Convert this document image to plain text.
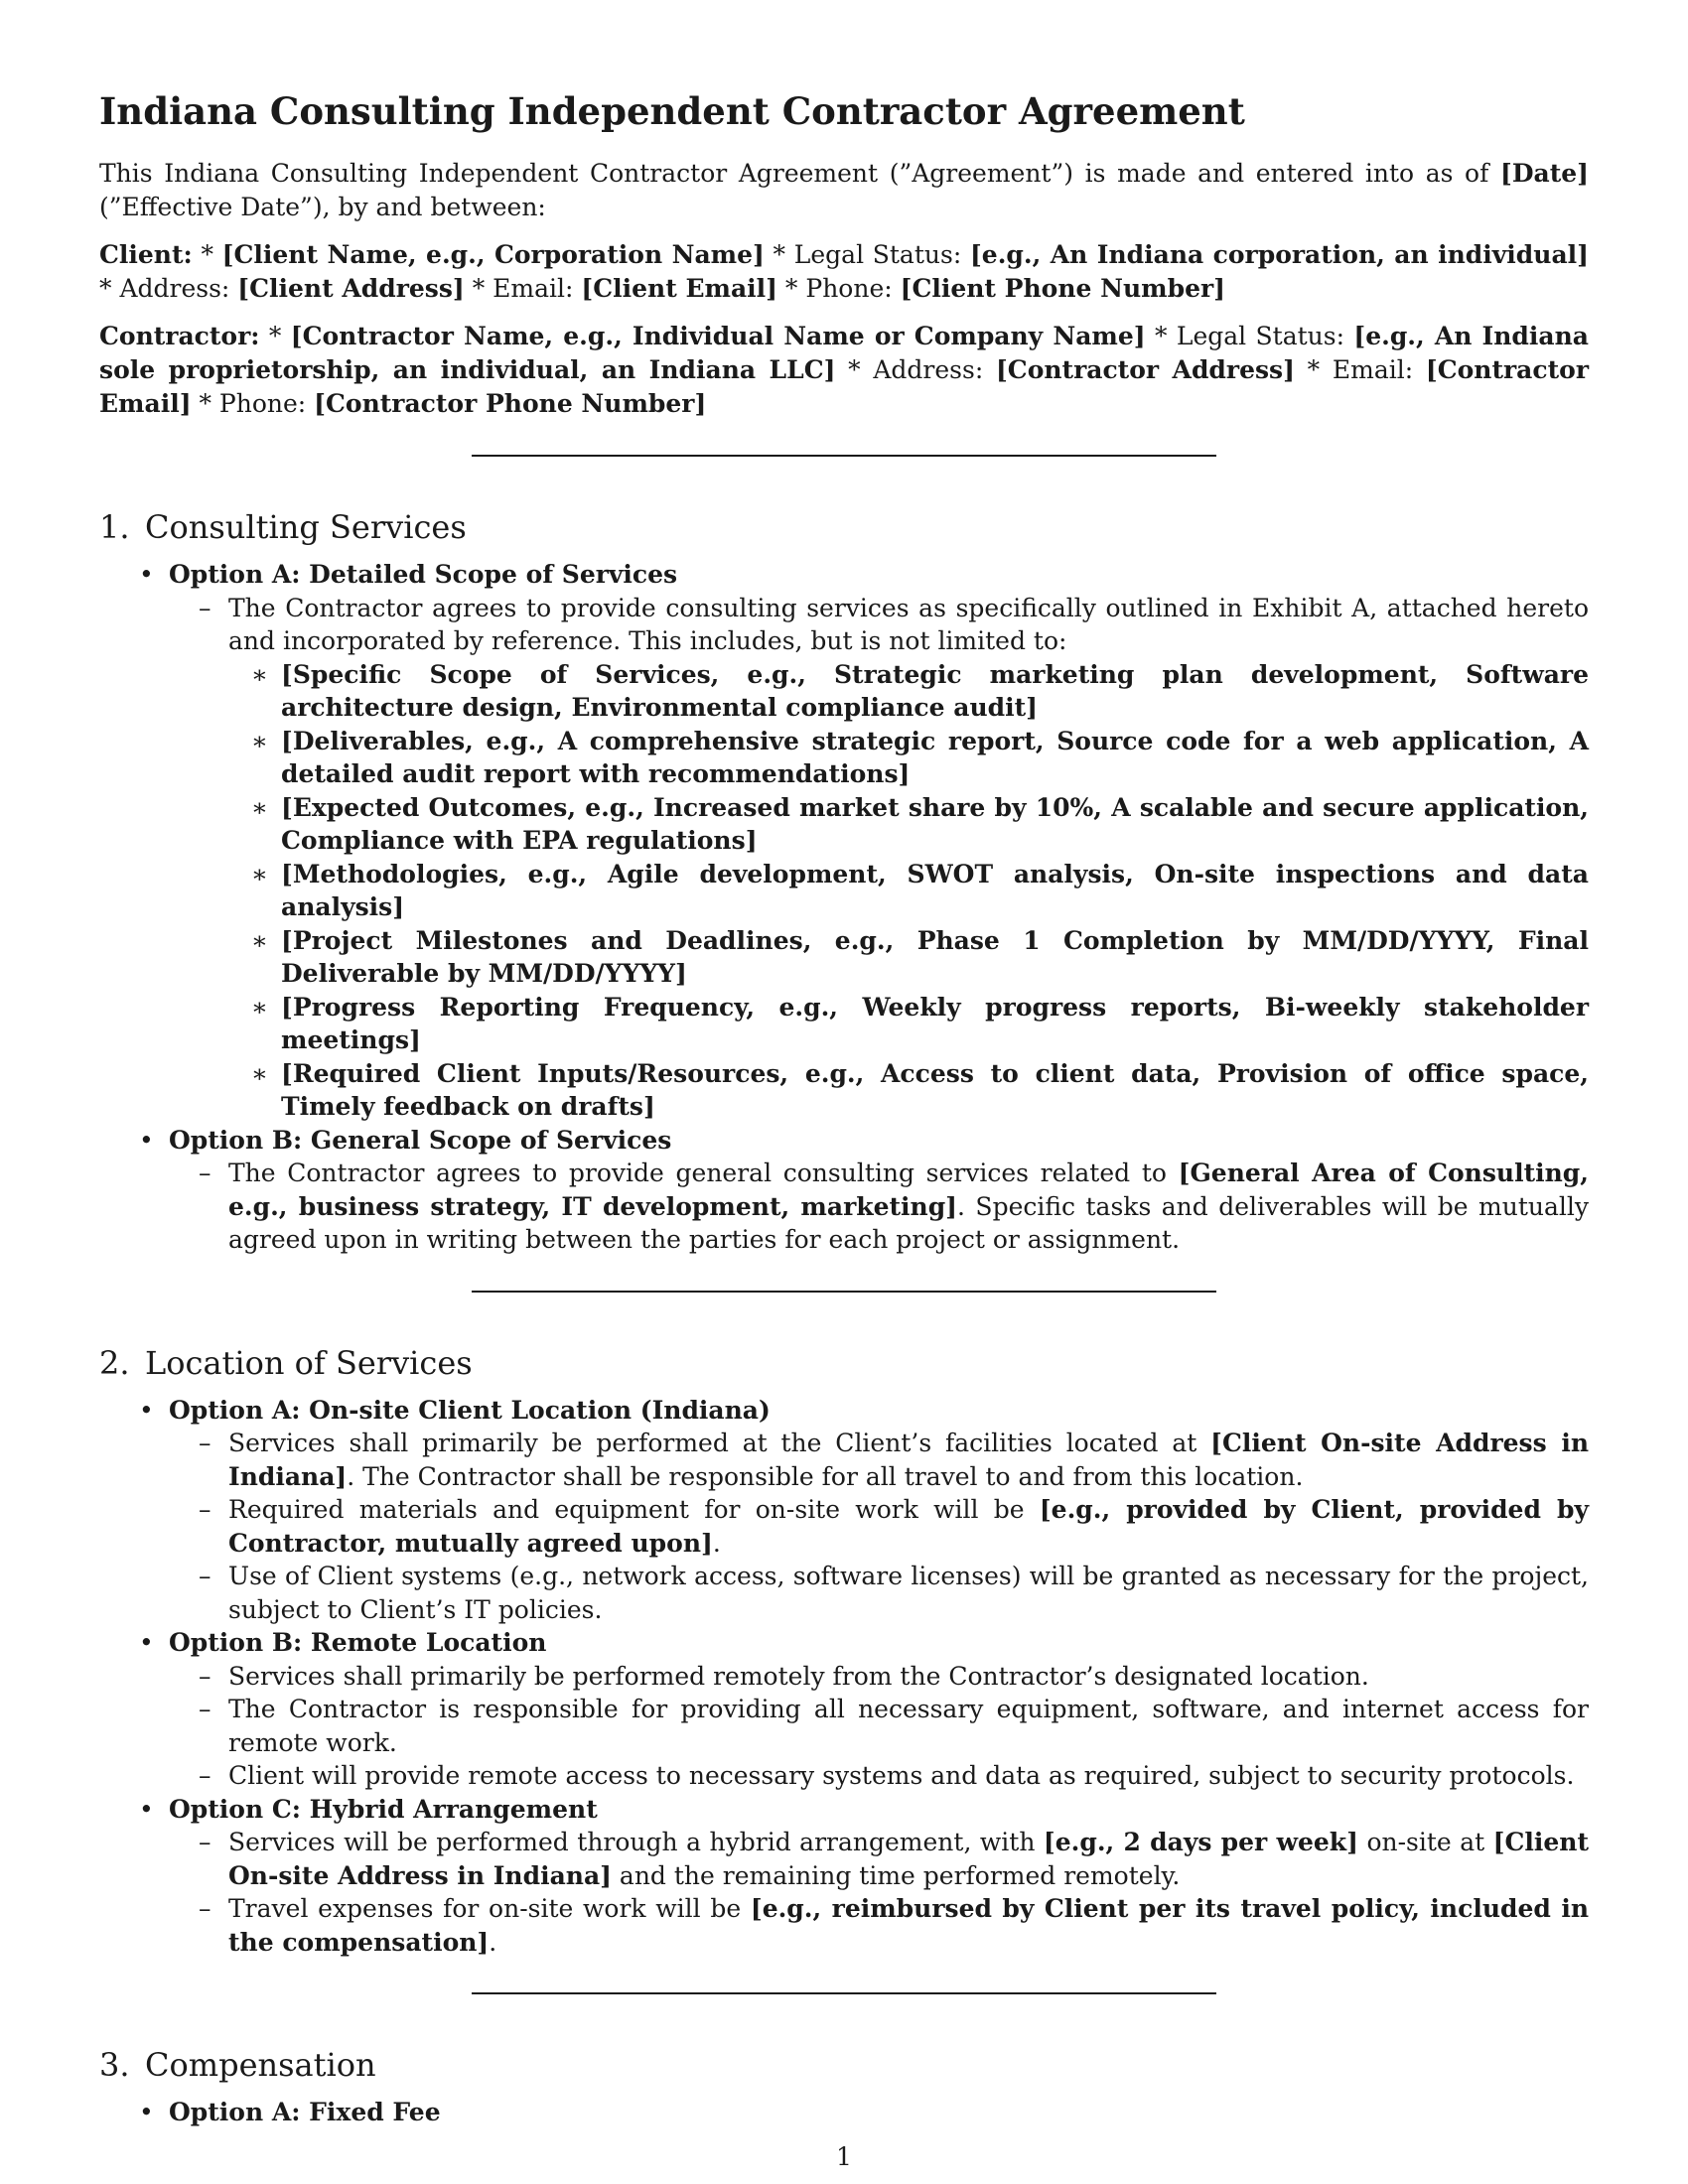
Indiana Consulting Independent Contractor Agreement

This Indiana Consulting Independent Contractor Agreement (”Agreement”) is made and entered into as of [Date] (”Effective Date”), by and between:

Client: * [Client Name, e.g., Corporation Name] * Legal Status: [e.g., An Indiana corporation, an individual] * Address: [Client Address] * Email: [Client Email] * Phone: [Client Phone Number]

Contractor: * [Contractor Name, e.g., Individual Name or Company Name] * Legal Status: [e.g., An Indiana sole proprietorship, an individual, an Indiana LLC] * Address: [Contractor Address] * Email: [Contractor Email] * Phone: [Contractor Phone Number]

1. Consulting Services
• Option A: Detailed Scope of Services
– The Contractor agrees to provide consulting services as specifically outlined in Exhibit A, attached hereto and incorporated by reference. This includes, but is not limited to:
∗ [Specific Scope of Services, e.g., Strategic marketing plan development, Software architecture design, Environmental compliance audit]
∗ [Deliverables, e.g., A comprehensive strategic report, Source code for a web application, A detailed audit report with recommendations]
∗ [Expected Outcomes, e.g., Increased market share by 10%, A scalable and secure application, Compliance with EPA regulations]
∗ [Methodologies, e.g., Agile development, SWOT analysis, On-site inspections and data analysis]
∗ [Project Milestones and Deadlines, e.g., Phase 1 Completion by MM/DD/YYYY, Final Deliverable by MM/DD/YYYY]
∗ [Progress Reporting Frequency, e.g., Weekly progress reports, Bi-weekly stakeholder meetings]
∗ [Required Client Inputs/Resources, e.g., Access to client data, Provision of office space, Timely feedback on drafts]
• Option B: General Scope of Services
– The Contractor agrees to provide general consulting services related to [General Area of Consulting, e.g., business strategy, IT development, marketing]. Specific tasks and deliverables will be mutually agreed upon in writing between the parties for each project or assignment.
2. Location of Services
• Option A: On-site Client Location (Indiana)
– Services shall primarily be performed at the Client’s facilities located at [Client On-site Address in Indiana]. The Contractor shall be responsible for all travel to and from this location.
– Required materials and equipment for on-site work will be [e.g., provided by Client, provided by Contractor, mutually agreed upon].
– Use of Client systems (e.g., network access, software licenses) will be granted as necessary for the project, subject to Client’s IT policies.
• Option B: Remote Location
– Services shall primarily be performed remotely from the Contractor’s designated location.
– The Contractor is responsible for providing all necessary equipment, software, and internet access for remote work.
– Client will provide remote access to necessary systems and data as required, subject to security protocols.
• Option C: Hybrid Arrangement
– Services will be performed through a hybrid arrangement, with [e.g., 2 days per week] on-site at [Client On-site Address in Indiana] and the remaining time performed remotely.
– Travel expenses for on-site work will be [e.g., reimbursed by Client per its travel policy, included in the compensation].
3. Compensation
• Option A: Fixed Fee
1
